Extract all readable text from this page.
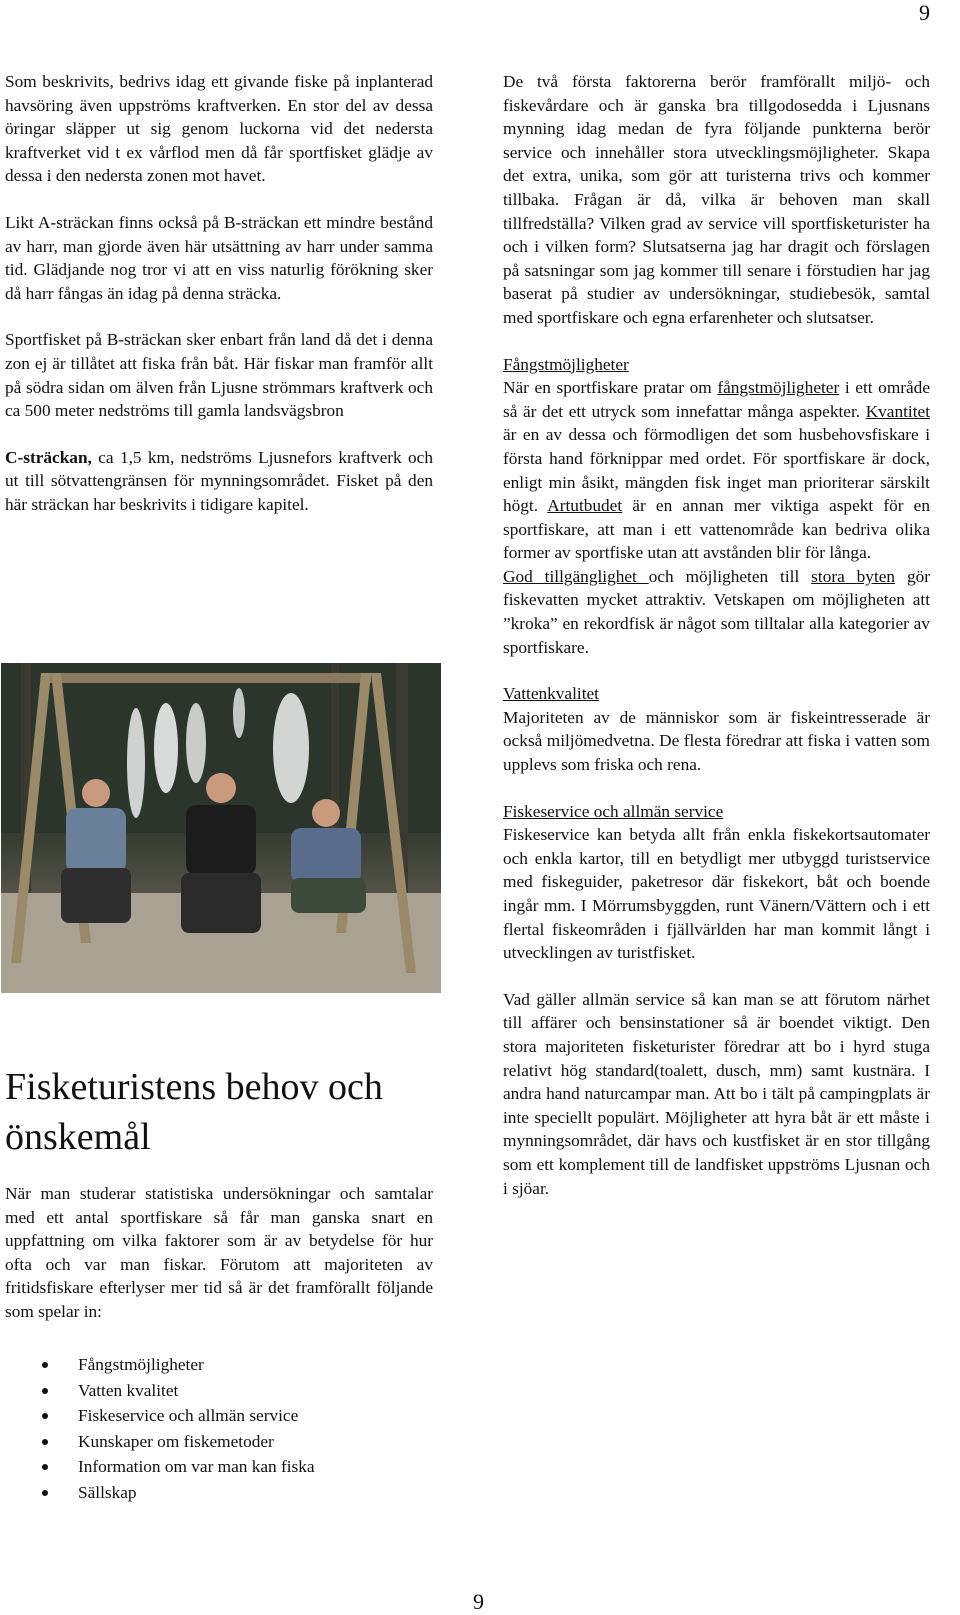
9

Som beskrivits, bedrivs idag ett givande fiske på inplanterad havsöring även uppströms kraftverken. En stor del av dessa öringar släpper ut sig genom luckorna vid det nedersta kraftverket vid t ex vårflod men då får sportfisket glädje av dessa i den nedersta zonen mot havet.

Likt A-sträckan finns också på B-sträckan ett mindre bestånd av harr, man gjorde även här utsättning av harr under samma tid. Glädjande nog tror vi att en viss naturlig förökning sker då harr fångas än idag på denna sträcka.

Sportfisket på B-sträckan sker enbart från land då det i denna zon ej är tillåtet att fiska från båt. Här fiskar man framför allt på södra sidan om älven från Ljusne strömmars kraftverk och ca 500 meter nedströms till gamla landsvägsbron

C-sträckan, ca 1,5 km, nedströms Ljusnefors kraftverk och ut till sötvattengränsen för mynningsområdet. Fisket på den här sträckan har beskrivits i tidigare kapitel.

Fisketuristens behov och önskemål

När man studerar statistiska undersökningar och samtalar med ett antal sportfiskare så får man ganska snart en uppfattning om vilka faktorer som är av betydelse för hur ofta och var man fiskar. Förutom att majoriteten av fritidsfiskare efterlyser mer tid så är det framförallt följande som spelar in:

Fångstmöjligheter
Vatten kvalitet
Fiskeservice och allmän service
Kunskaper om fiskemetoder
Information om var man kan fiska
Sällskap

De två första faktorerna berör framförallt miljö- och fiskevårdare och är ganska bra tillgodosedda i Ljusnans mynning idag medan de fyra följande punkterna berör service och innehåller stora utvecklingsmöjligheter. Skapa det extra, unika, som gör att turisterna trivs och kommer tillbaka. Frågan är då, vilka är behoven man skall tillfredställa? Vilken grad av service vill sportfisketurister ha och i vilken form? Slutsatserna jag har dragit och förslagen på satsningar som jag kommer till senare i förstudien har jag baserat på studier av undersökningar, studiebesök, samtal med sportfiskare och egna erfarenheter och slutsatser.

Fångstmöjligheter
När en sportfiskare pratar om fångstmöjligheter i ett område så är det ett utryck som innefattar många aspekter. Kvantitet är en av dessa och förmodligen det som husbehovsfiskare i första hand förknippar med ordet. För sportfiskare är dock, enligt min åsikt, mängden fisk inget man prioriterar särskilt högt. Artutbudet är en annan mer viktiga aspekt för en sportfiskare, att man i ett vattenområde kan bedriva olika former av sportfiske utan att avstånden blir för långa.
God tillgänglighet och möjligheten till stora byten gör fiskevatten mycket attraktiv. Vetskapen om möjligheten att ”kroka” en rekordfisk är något som tilltalar alla kategorier av sportfiskare.

Vattenkvalitet
Majoriteten av de människor som är fiskeintresserade är också miljömedvetna. De flesta föredrar att fiska i vatten som upplevs som friska och rena.

Fiskeservice och allmän service
Fiskeservice kan betyda allt från enkla fiskekortsautomater och enkla kartor, till en betydligt mer utbyggd turistservice med fiskeguider, paketresor där fiskekort, båt och boende ingår mm. I Mörrumsbyggden, runt Vänern/Vättern och i ett flertal fiskeområden i fjällvärlden har man kommit långt i utvecklingen av turistfisket.

Vad gäller allmän service så kan man se att förutom närhet till affärer och bensinstationer så är boendet viktigt. Den stora majoriteten fisketurister föredrar att bo i hyrd stuga relativt hög standard(toalett, dusch, mm) samt kustnära. I andra hand naturcampar man. Att bo i tält på campingplats är inte speciellt populärt. Möjligheter att hyra båt är ett måste i mynningsområdet, där havs och kustfisket är en stor tillgång som ett komplement till de landfisket uppströms Ljusnan och i sjöar.

9
